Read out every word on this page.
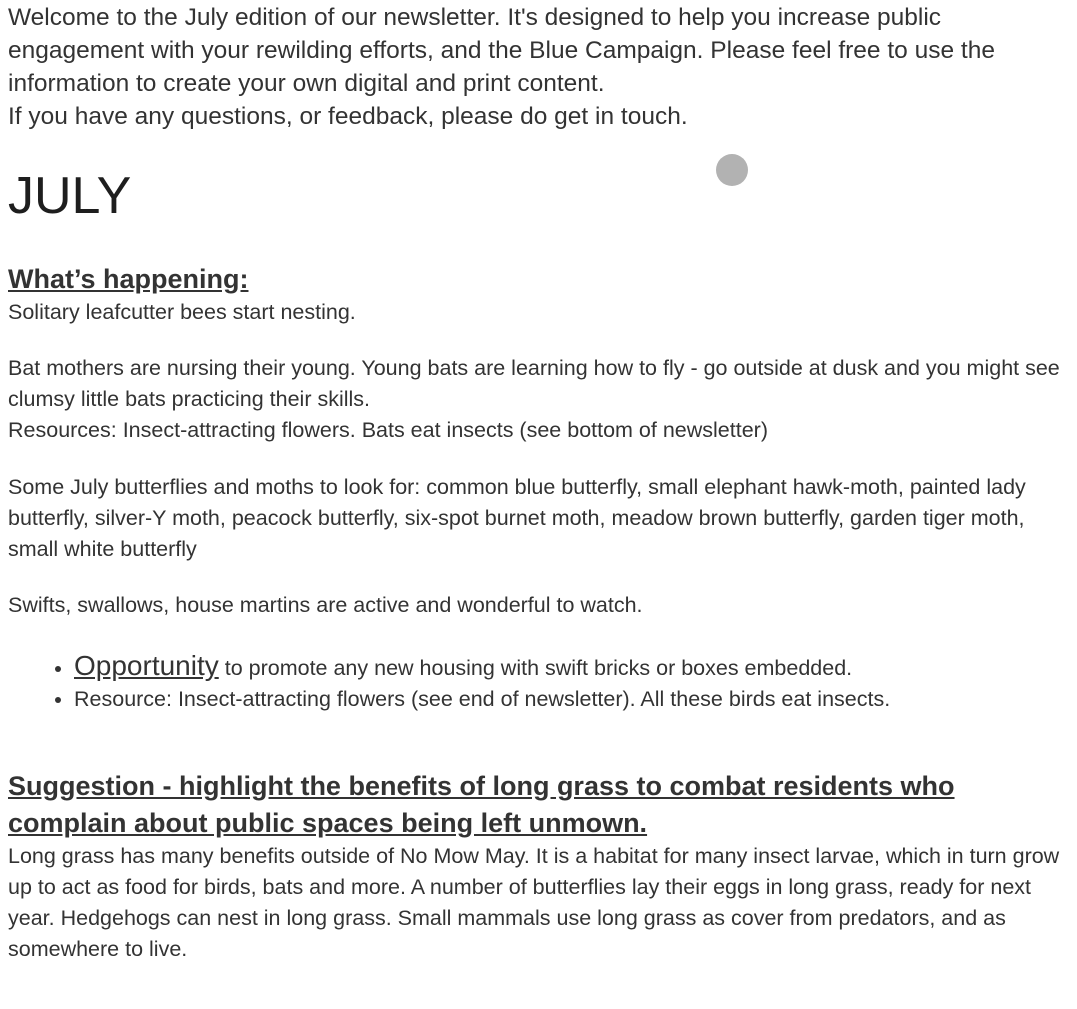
Welcome to the July edition of our newsletter. It's designed to help you increase public engagement with your rewilding efforts, and the Blue Campaign. Please feel free to use the information to create your own digital and print content.

If you have any questions, or feedback, please do get in touch.

JULY
What’s happening:

Solitary leafcutter bees start nesting.

Bat mothers are nursing their young. Young bats are learning how to fly - go outside at dusk and you might see clumsy little bats practicing their skills.
Resources: Insect-attracting flowers. Bats eat insects (see bottom of newsletter)

Some July butterflies and moths to look for: common blue butterfly, small elephant hawk-moth, painted lady butterfly, silver-Y moth, peacock butterfly, six-spot burnet moth, meadow brown butterfly, garden tiger moth, small white butterfly

Swifts, swallows, house martins are active and wonderful to watch.

• Opportunity to promote any new housing with swift bricks or boxes embedded.
• Resource: Insect-attracting flowers (see end of newsletter). All these birds eat insects.
Suggestion - highlight the benefits of long grass to combat residents who complain about public spaces being left unmown.

Long grass has many benefits outside of No Mow May. It is a habitat for many insect larvae, which in turn grow up to act as food for birds, bats and more. A number of butterflies lay their eggs in long grass, ready for next year. Hedgehogs can nest in long grass. Small mammals use long grass as cover from predators, and as somewhere to live.
